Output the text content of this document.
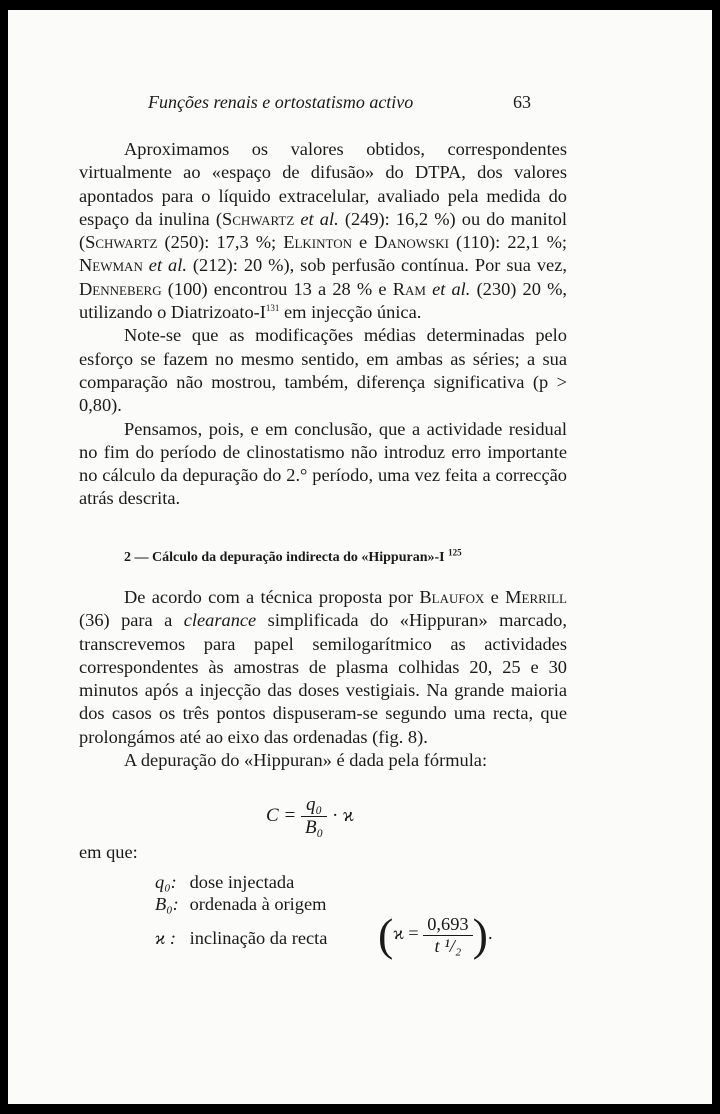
Funções renais e ortostatismo activo	63

Aproximamos os valores obtidos, correspondentes virtualmente ao «espaço de difusão» do DTPA, dos valores apontados para o líquido extracelular, avaliado pela medida do espaço da inulina (Schwartz et al. (249): 16,2 %) ou do manitol (Schwartz (250): 17,3 %; Elkinton e Danowski (110): 22,1 %; Newman et al. (212): 20 %), sob perfusão contínua. Por sua vez, Denneberg (100) encontrou 13 a 28 % e Ram et al. (230) 20 %, utilizando o Diatrizoato-$I^{131}$ em injecção única.

Note-se que as modificações médias determinadas pelo esforço se fazem no mesmo sentido, em ambas as séries; a sua comparação não mostrou, também, diferença significativa (p > 0,80).

Pensamos, pois, e em conclusão, que a actividade residual no fim do período de clinostatismo não introduz erro importante no cálculo da depuração do 2.° período, uma vez feita a correcção atrás descrita.

2 — Cálculo da depuração indirecta do «Hippuran»-I $^{125}$

De acordo com a técnica proposta por Blaufox e Merrill (36) para a clearance simplificada do «Hippuran» marcado, transcrevemos para papel semilogarítmico as actividades correspondentes às amostras de plasma colhidas 20, 25 e 30 minutos após a injecção das doses vestigiais. Na grande maioria dos casos os três pontos dispuseram-se segundo uma recta, que prolongámos até ao eixo das ordenadas (fig. 8).

A depuração do «Hippuran» é dada pela fórmula:

$C = \frac{\text{q₀}}{\text{B₀}} \cdot ϰ$
em que:
q₀: dose injectada
B₀: ordenada à origem
ϰ : inclinação da recta ($ϰ = \frac{0,693}{\text{t ¹/₂}}$ ).
